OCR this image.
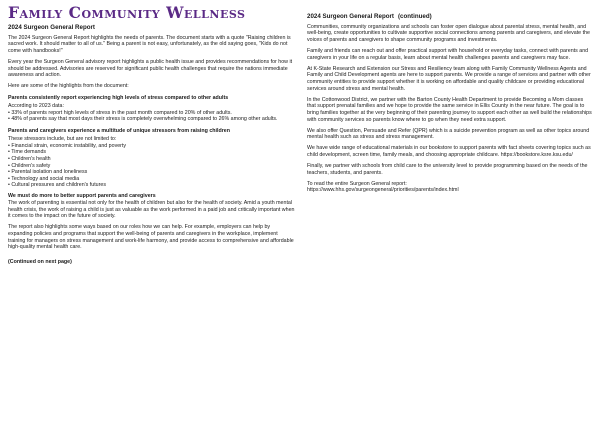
Family Community Wellness
2024 Surgeon General Report

The 2024 Surgeon General Report highlights the needs of parents. The document starts with a quote "Raising children is sacred work. It should matter to all of us." Being a parent is not easy, unfortunately, as the old saying goes, "Kids do not come with handbooks!"

Every year the Surgeon General advisory report highlights a public health issue and provides recommendations for how it should be addressed. Advisories are reserved for significant public health challenges that require the nations immediate awareness and action.

Here are some of the highlights from the document:

Parents consistently report experiencing high levels of stress compared to other adults
According to 2023 data:
• 33% of parents report high levels of stress in the past month compared to 20% of other adults.
• 48% of parents say that most days their stress is completely overwhelming compared to 26% among other adults.
Parents and caregivers experience a multitude of unique stressors from raising children
These stressors include, but are not limited to:
• Financial strain, economic instability, and poverty
• Time demands
• Children's health
• Children's safety
• Parental isolation and loneliness
• Technology and social media
• Cultural pressures and children's futures
We must do more to better support parents and caregivers

The work of parenting is essential not only for the health of children but also for the health of society. Amid a youth mental health crisis, the work of raising a child is just as valuable as the work performed in a paid job and critically important when it comes to the impact on the future of society.

The report also highlights some ways based on our roles how we can help. For example, employers can help by expanding policies and programs that support the well-being of parents and caregivers in the workplace, implement training for managers on stress management and work-life harmony, and provide access to comprehensive and affordable high-quality mental health care.

(Continued on next page)

2024 Surgeon General Report (continued)

Communities, community organizations and schools can foster open dialogue about parental stress, mental health, and well-being, create opportunities to cultivate supportive social connections among parents and caregivers, and elevate the voices of parents and caregivers to shape community programs and investments.

Family and friends can reach out and offer practical support with household or everyday tasks, connect with parents and caregivers in your life on a regular basis, learn about mental health challenges parents and caregivers may face.

At K-State Research and Extension our Stress and Resiliency team along with Family Community Wellness Agents and Family and Child Development agents are here to support parents. We provide a range of services and partner with other community entities to provide support whether it is working on affordable and quality childcare or providing educational services around stress and mental health.

In the Cottonwood District, we partner with the Barton County Health Department to provide Becoming a Mom classes that support prenatal families and we hope to provide the same service in Ellis County in the near future. The goal is to bring families together at the very beginning of their parenting journey to support each other as well build the relationships with community services so parents know where to go when they need extra support.

We also offer Question, Persuade and Refer (QPR) which is a suicide prevention program as well as other topics around mental health such as stress and stress management.

We have wide range of educational materials in our bookstore to support parents with fact sheets covering topics such as child development, screen time, family meals, and choosing appropriate childcare. https://bookstore.ksre.ksu.edu/

Finally, we partner with schools from child care to the university level to provide programming based on the needs of the teachers, students, and parents.

To read the entire Surgeon General report:
https://www.hhs.gov/surgeongeneral/priorities/parents/index.html
